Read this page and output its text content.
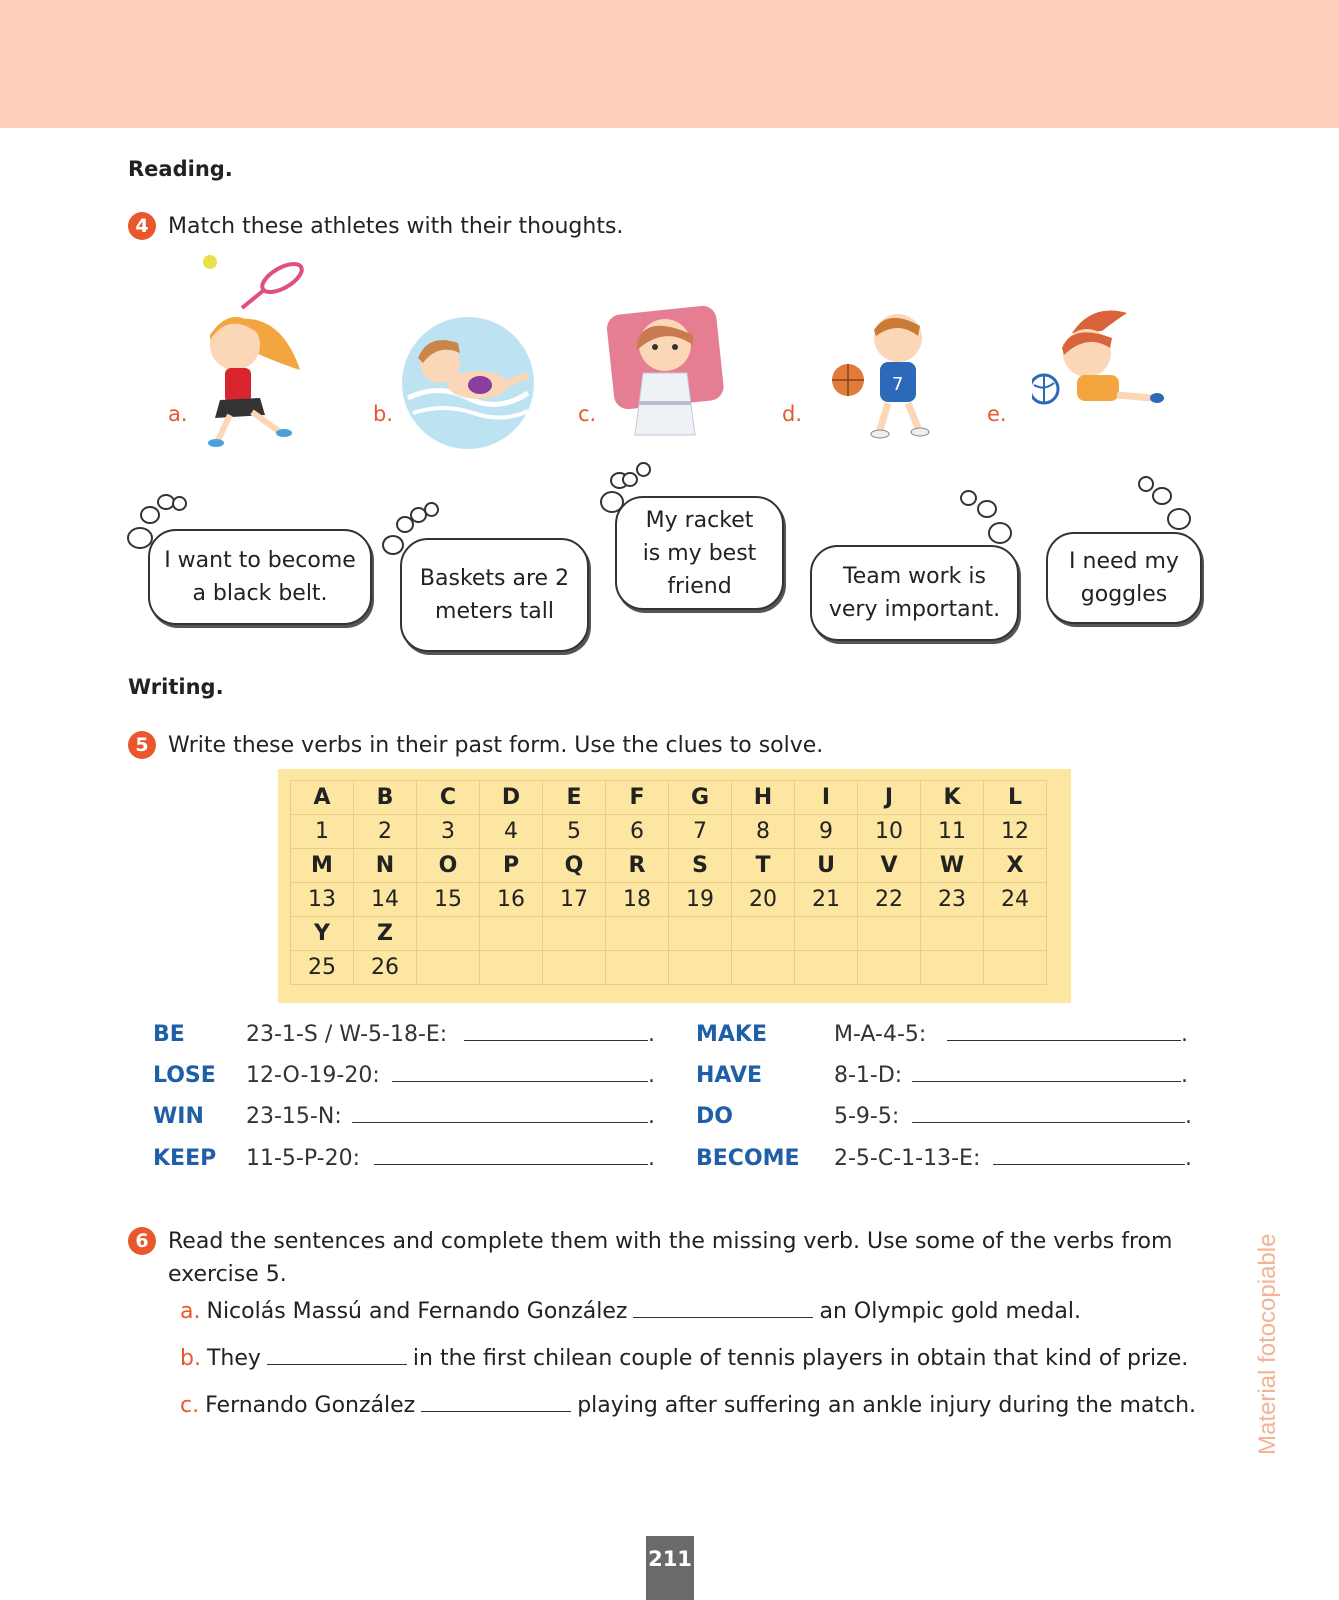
Reading.
4 Match these athletes with their thoughts.
a.	b.	c.	d.	e.
7
I want to become
a black belt.
Baskets are 2
meters tall
My racket
is my best
friend	Team work is
very important.
I need my
goggles
Writing.
5 Write these verbs in their past form. Use the clues to solve.
A	B	C	D	E	F	G	H	I	J	K	L
1	2	3	4	5	6	7	8	9	10	11	12
M	N	O	P	Q	R	S	T	U	V	W	X
13	14	15	16	17	18	19	20	21	22	23	24
Y	Z										
25	26										
BE	23-1-S / W-5-18-E:	.
LOSE 12-O-19-20:	.
WIN 23-15-N:	.
KEEP 11-5-P-20:	.
MAKE	M-A-4-5:	.
HAVE	8-1-D:	.
DO	5-9-5:	.
BECOME 2-5-C-1-13-E:	.
6 Read the sentences and complete them with the missing verb. Use some of the verbs from
exercise 5.
a. Nicolás Massú and Fernando González	an Olympic gold medal.
b. They	in the first chilean couple of tennis players in obtain that kind of prize.
c. Fernando González	playing after suffering an ankle injury during the match. Material fotocopiable
211
